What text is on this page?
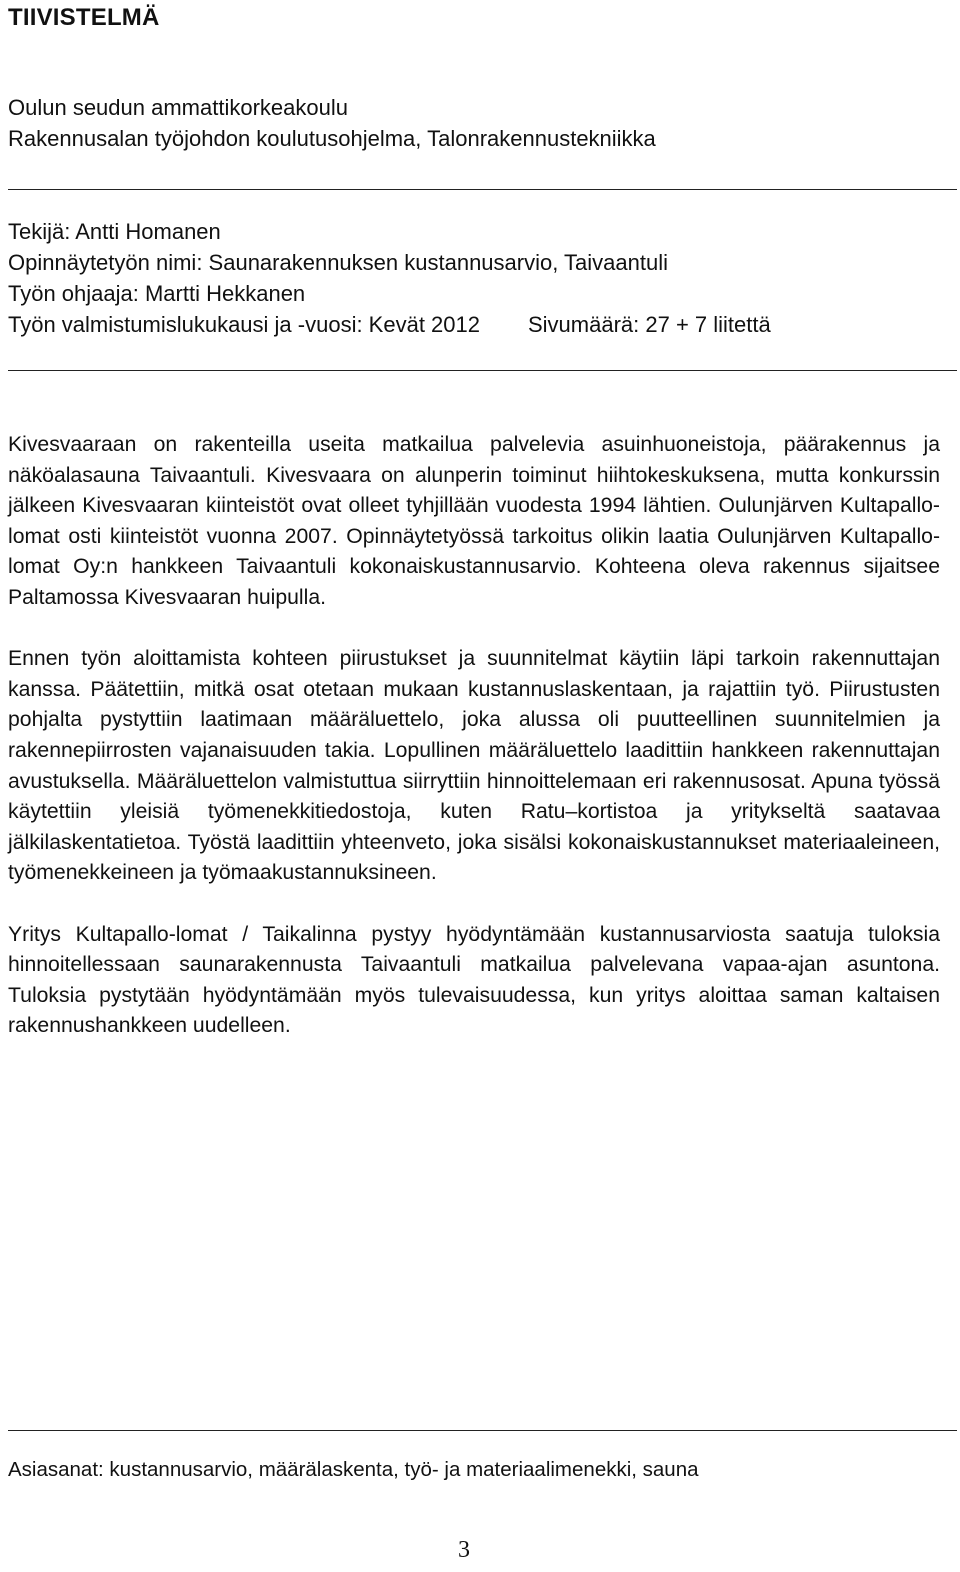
TIIVISTELMÄ
Oulun seudun ammattikorkeakoulu
Rakennusalan työjohdon koulutusohjelma, Talonrakennustekniikka
Tekijä: Antti Homanen
Opinnäytetyön nimi: Saunarakennuksen kustannusarvio, Taivaantuli
Työn ohjaaja: Martti Hekkanen
Työn valmistumislukukausi ja -vuosi: Kevät 2012	Sivumäärä: 27 + 7 liitettä

Kivesvaaraan on rakenteilla useita matkailua palvelevia asuinhuoneistoja, päärakennus ja näköalasauna Taivaantuli. Kivesvaara on alunperin toiminut hiihtokeskuksena, mutta konkurssin jälkeen Kivesvaaran kiinteistöt ovat olleet tyhjillään vuodesta 1994 lähtien. Oulunjärven Kultapallo-lomat osti kiinteistöt vuonna 2007. Opinnäytetyössä tarkoitus olikin laatia Oulunjärven Kultapallo-lomat Oy:n hankkeen Taivaantuli kokonaiskustannusarvio. Kohteena oleva rakennus sijaitsee Paltamossa Kivesvaaran huipulla.

Ennen työn aloittamista kohteen piirustukset ja suunnitelmat käytiin läpi tarkoin rakennuttajan kanssa. Päätettiin, mitkä osat otetaan mukaan kustannuslaskentaan, ja rajattiin työ. Piirustusten pohjalta pystyttiin laatimaan määräluettelo, joka alussa oli puutteellinen suunnitelmien ja rakennepiirrosten vajanaisuuden takia. Lopullinen määräluettelo laadittiin hankkeen rakennuttajan avustuksella. Määräluettelon valmistuttua siirryttiin hinnoittelemaan eri rakennusosat. Apuna työssä käytettiin yleisiä työmenekkitiedostoja, kuten Ratu–kortistoa ja yritykseltä saatavaa jälkilaskentatietoa. Työstä laadittiin yhteenveto, joka sisälsi kokonaiskustannukset materiaaleineen, työmenekkeineen ja työmaakustannuksineen.

Yritys Kultapallo-lomat / Taikalinna pystyy hyödyntämään kustannusarviosta saatuja tuloksia hinnoitellessaan saunarakennusta Taivaantuli matkailua palvelevana vapaa-ajan asuntona. Tuloksia pystytään hyödyntämään myös tulevaisuudessa, kun yritys aloittaa saman kaltaisen rakennushankkeen uudelleen.

Asiasanat: kustannusarvio, määrälaskenta, työ- ja materiaalimenekki, sauna
3
